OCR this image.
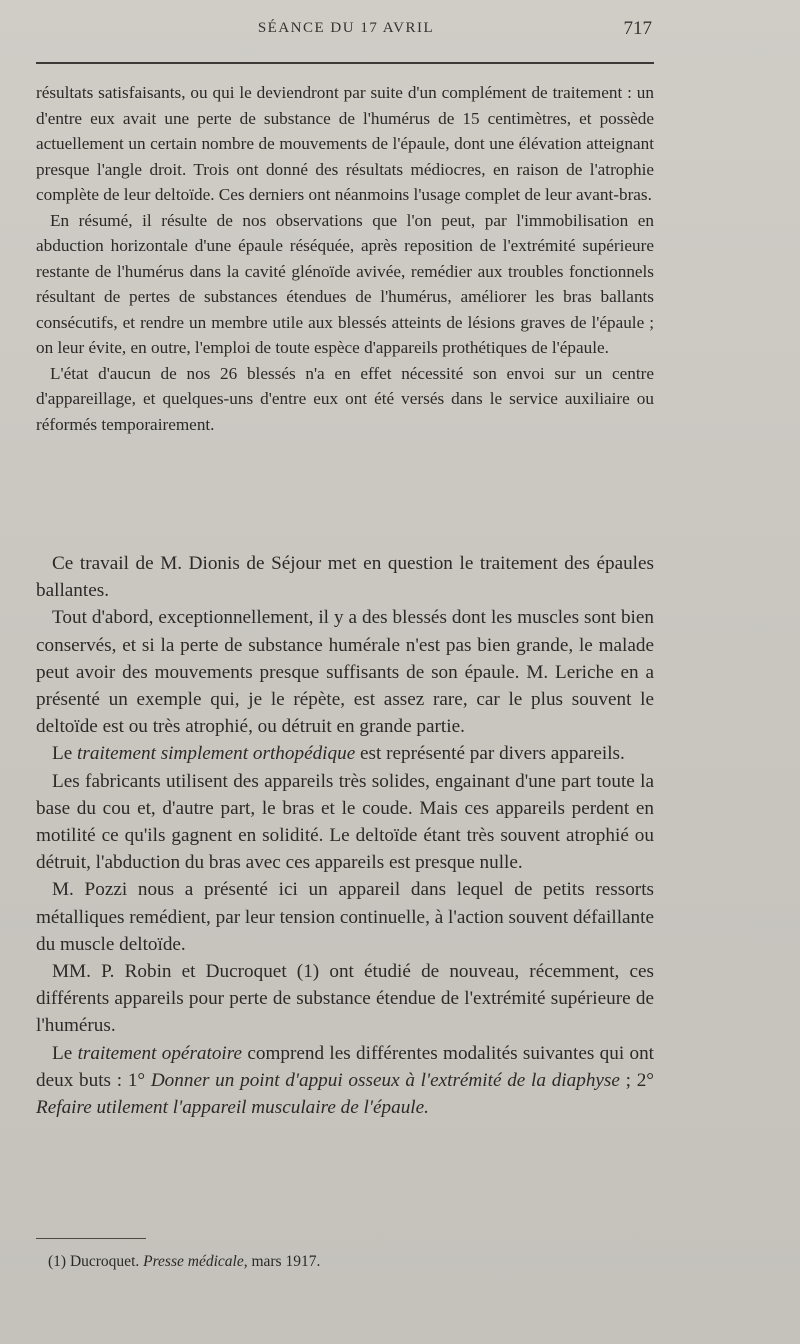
SÉANCE DU 17 AVRIL	717

résultats satisfaisants, ou qui le deviendront par suite d'un complément de traitement : un d'entre eux avait une perte de substance de l'humérus de 15 centimètres, et possède actuellement un certain nombre de mouvements de l'épaule, dont une élévation atteignant presque l'angle droit. Trois ont donné des résultats médiocres, en raison de l'atrophie complète de leur deltoïde. Ces derniers ont néanmoins l'usage complet de leur avant-bras.

En résumé, il résulte de nos observations que l'on peut, par l'immobilisation en abduction horizontale d'une épaule réséquée, après reposition de l'extrémité supérieure restante de l'humérus dans la cavité glénoïde avivée, remédier aux troubles fonctionnels résultant de pertes de substances étendues de l'humérus, améliorer les bras ballants consécutifs, et rendre un membre utile aux blessés atteints de lésions graves de l'épaule ; on leur évite, en outre, l'emploi de toute espèce d'appareils prothétiques de l'épaule.

L'état d'aucun de nos 26 blessés n'a en effet nécessité son envoi sur un centre d'appareillage, et quelques-uns d'entre eux ont été versés dans le service auxiliaire ou réformés temporairement.

Ce travail de M. Dionis de Séjour met en question le traitement des épaules ballantes.

Tout d'abord, exceptionnellement, il y a des blessés dont les muscles sont bien conservés, et si la perte de substance humérale n'est pas bien grande, le malade peut avoir des mouvements presque suffisants de son épaule. M. Leriche en a présenté un exemple qui, je le répète, est assez rare, car le plus souvent le deltoïde est ou très atrophié, ou détruit en grande partie.

Le traitement simplement orthopédique est représenté par divers appareils.

Les fabricants utilisent des appareils très solides, engainant d'une part toute la base du cou et, d'autre part, le bras et le coude. Mais ces appareils perdent en motilité ce qu'ils gagnent en solidité. Le deltoïde étant très souvent atrophié ou détruit, l'abduction du bras avec ces appareils est presque nulle.

M. Pozzi nous a présenté ici un appareil dans lequel de petits ressorts métalliques remédient, par leur tension continuelle, à l'action souvent défaillante du muscle deltoïde.

MM. P. Robin et Ducroquet (1) ont étudié de nouveau, récemment, ces différents appareils pour perte de substance étendue de l'extrémité supérieure de l'humérus.

Le traitement opératoire comprend les différentes modalités suivantes qui ont deux buts : 1° Donner un point d'appui osseux à l'extrémité de la diaphyse ; 2° Refaire utilement l'appareil musculaire de l'épaule.

(1) Ducroquet. Presse médicale, mars 1917.
